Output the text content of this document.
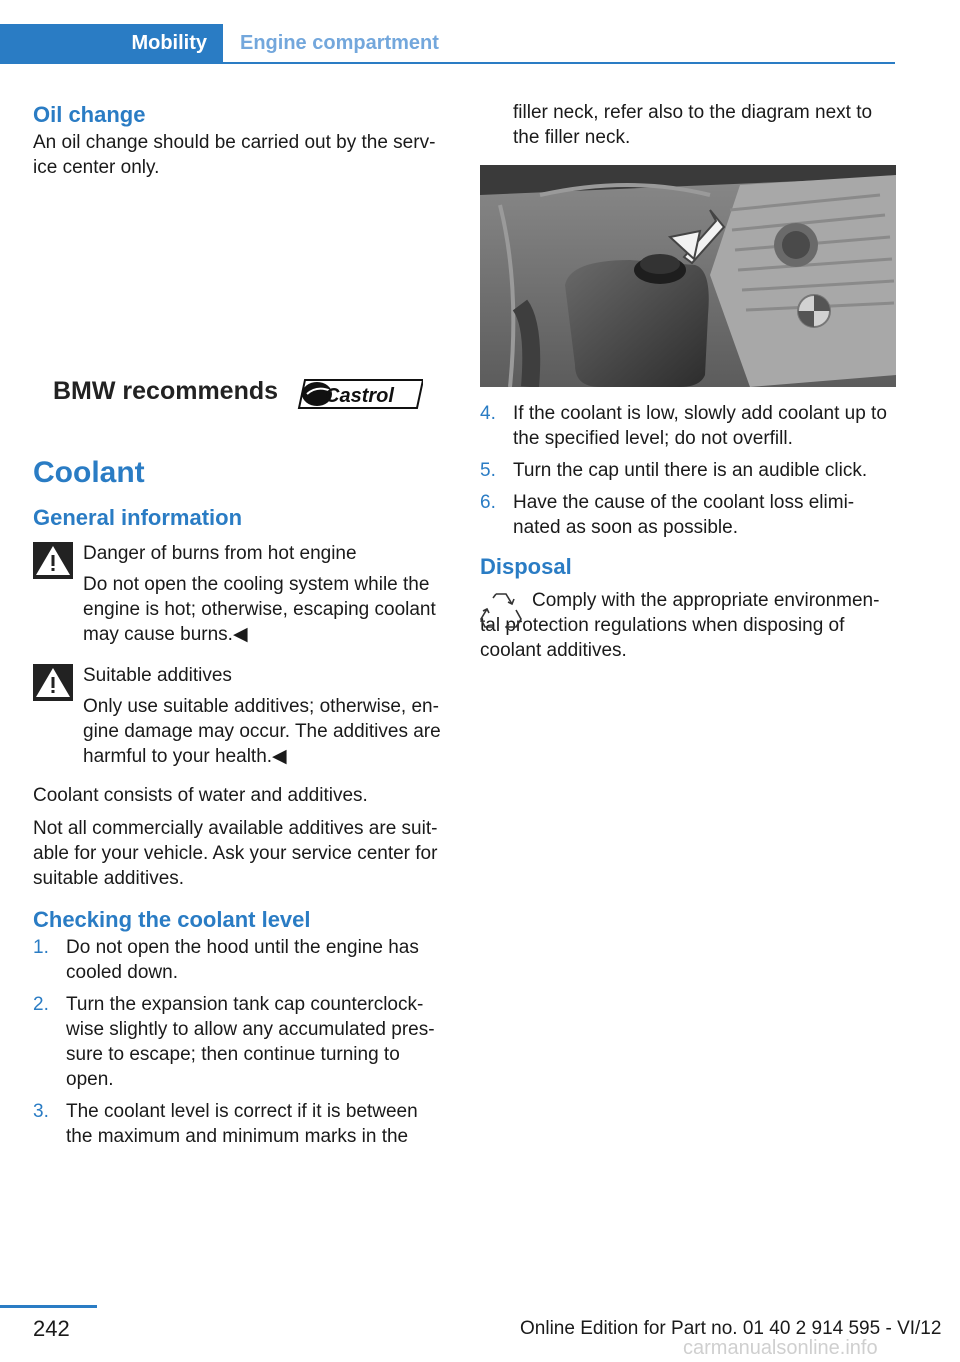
Mobility	Engine compartment
Oil change

An oil change should be carried out by the serv-ice center only.

BMW recommends Castrol
Coolant
General information

Danger of burns from hot engine

Do not open the cooling system while the engine is hot; otherwise, escaping coolant may cause burns.◀

Suitable additives

Only use suitable additives; otherwise, en-gine damage may occur. The additives are harmful to your health.◀

Coolant consists of water and additives.

Not all commercially available additives are suit-able for your vehicle. Ask your service center for suitable additives.

Checking the coolant level
1. Do not open the hood until the engine has cooled down.
2. Turn the expansion tank cap counterclock-wise slightly to allow any accumulated pres-sure to escape; then continue turning to open.
3. The coolant level is correct if it is between the maximum and minimum marks in the

filler neck, refer also to the diagram next to the filler neck.

4. If the coolant is low, slowly add coolant up to the specified level; do not overfill.
5. Turn the cap until there is an audible click.
6. Have the cause of the coolant loss elimi-nated as soon as possible.
Disposal

Comply with the appropriate environmen-tal protection regulations when disposing of coolant additives.

242	Online Edition for Part no. 01 40 2 914 595 - VI/12
carmanualsonline.info
